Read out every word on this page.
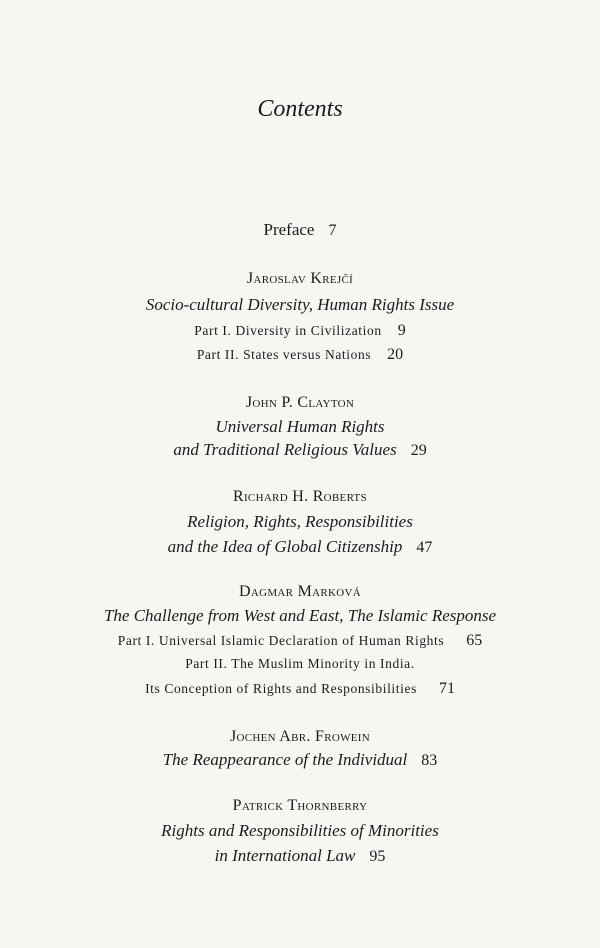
Contents
Preface 7
Jaroslav Krejčí
Socio-cultural Diversity, Human Rights Issue
Part I. Diversity in Civilization 9
Part II. States versus Nations 20
John P. Clayton
Universal Human Rights
and Traditional Religious Values 29
Richard H. Roberts
Religion, Rights, Responsibilities
and the Idea of Global Citizenship 47
Dagmar Marková
The Challenge from West and East, The Islamic Response
Part I. Universal Islamic Declaration of Human Rights 65
Part II. The Muslim Minority in India.
Its Conception of Rights and Responsibilities 71
Jochen Abr. Frowein
The Reappearance of the Individual 83
Patrick Thornberry
Rights and Responsibilities of Minorities
in International Law 95
